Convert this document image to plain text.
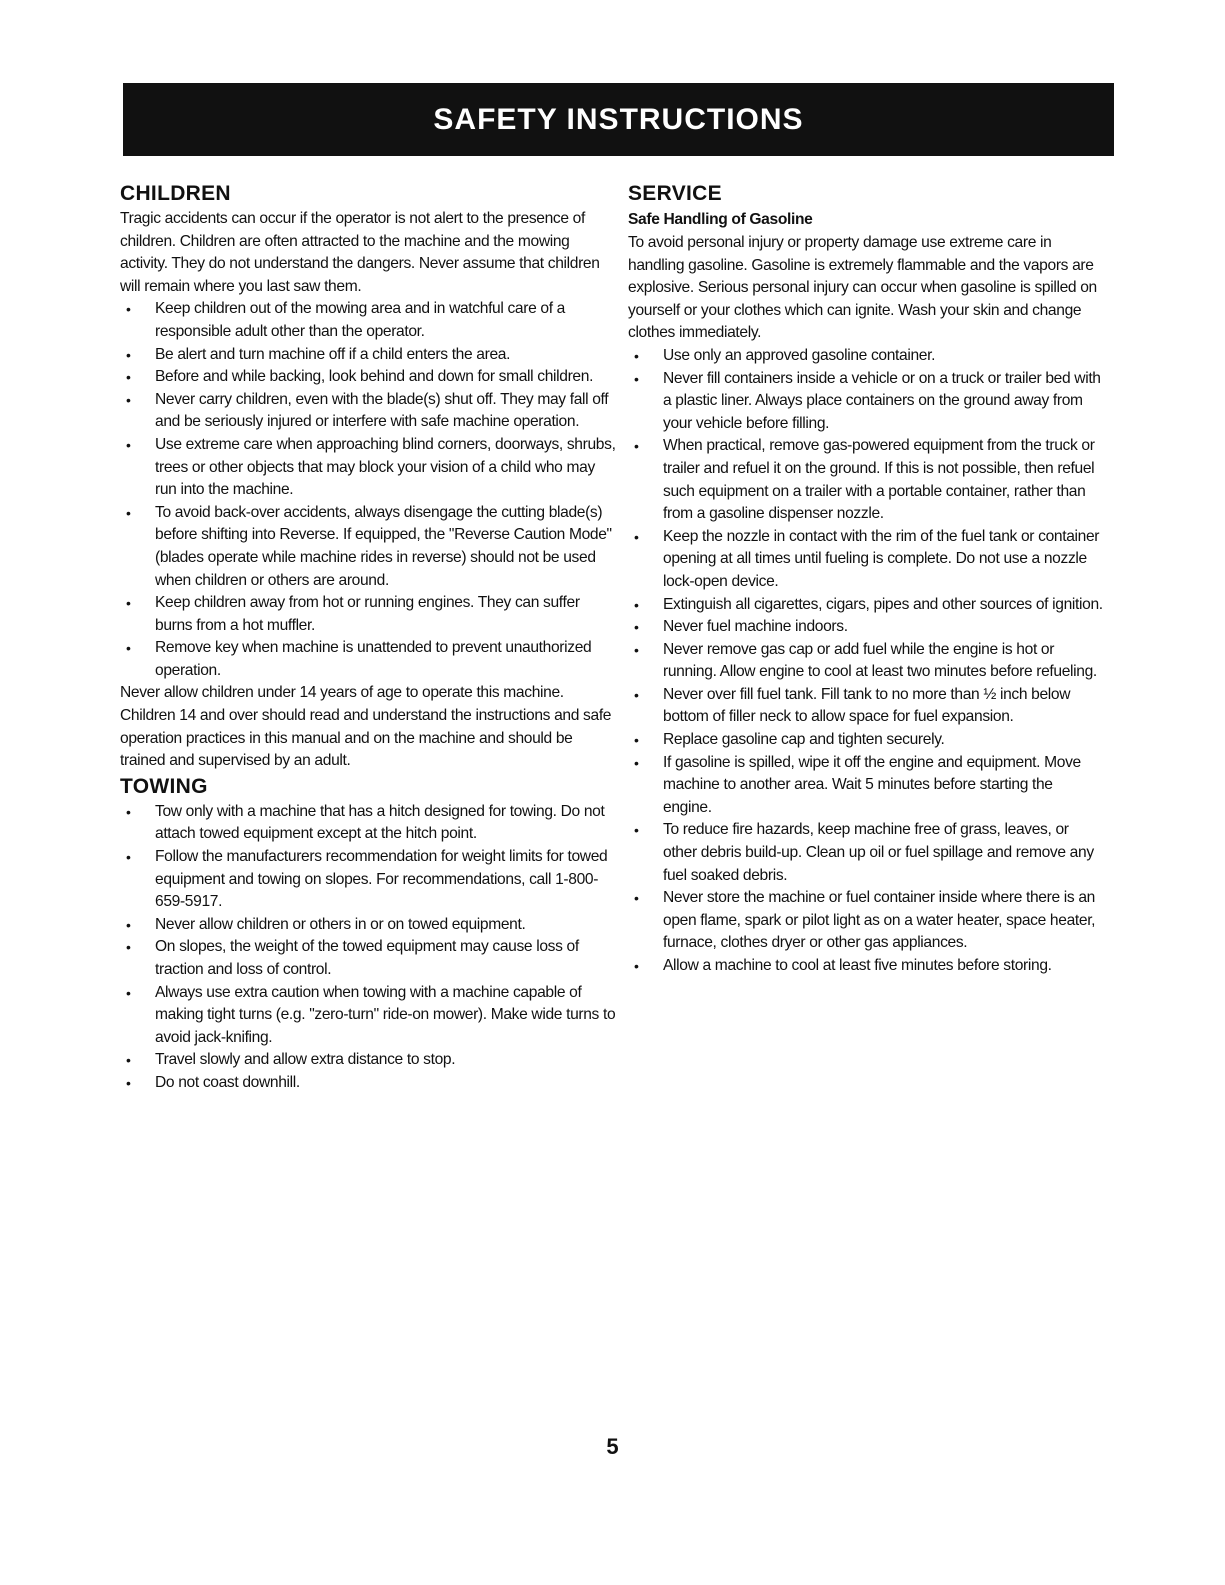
SAFETY INSTRUCTIONS
CHILDREN

Tragic accidents can occur if the operator is not alert to the presence of children. Children are often attracted to the machine and the mowing activity. They do not understand the dangers. Never assume that children will remain where you last saw them.

• Keep children out of the mowing area and in watchful care of a responsible adult other than the operator.
• Be alert and turn machine off if a child enters the area.
• Before and while backing, look behind and down for small children.
• Never carry children, even with the blade(s) shut off. They may fall off and be seriously injured or interfere with safe machine operation.
• Use extreme care when approaching blind corners, doorways, shrubs, trees or other objects that may block your vision of a child who may run into the machine.
• To avoid back-over accidents, always disengage the cutting blade(s) before shifting into Reverse. If equipped, the "Reverse Caution Mode" (blades operate while machine rides in reverse) should not be used when children or others are around.
• Keep children away from hot or running engines. They can suffer burns from a hot muffler.
• Remove key when machine is unattended to prevent unauthorized operation.

Never allow children under 14 years of age to operate this machine. Children 14 and over should read and understand the instructions and safe operation practices in this manual and on the machine and should be trained and supervised by an adult.

TOWING
• Tow only with a machine that has a hitch designed for towing. Do not attach towed equipment except at the hitch point.
• Follow the manufacturers recommendation for weight limits for towed equipment and towing on slopes. For recommendations, call 1-800-659-5917.
• Never allow children or others in or on towed equipment.
• On slopes, the weight of the towed equipment may cause loss of traction and loss of control.
• Always use extra caution when towing with a machine capable of making tight turns (e.g. "zero-turn" ride-on mower). Make wide turns to avoid jack-knifing.
• Travel slowly and allow extra distance to stop.
• Do not coast downhill.
SERVICE
Safe Handling of Gasoline

To avoid personal injury or property damage use extreme care in handling gasoline. Gasoline is extremely flammable and the vapors are explosive. Serious personal injury can occur when gasoline is spilled on yourself or your clothes which can ignite. Wash your skin and change clothes immediately.

• Use only an approved gasoline container.
• Never fill containers inside a vehicle or on a truck or trailer bed with a plastic liner. Always place containers on the ground away from your vehicle before filling.
• When practical, remove gas-powered equipment from the truck or trailer and refuel it on the ground. If this is not possible, then refuel such equipment on a trailer with a portable container, rather than from a gasoline dispenser nozzle.
• Keep the nozzle in contact with the rim of the fuel tank or container opening at all times until fueling is complete. Do not use a nozzle lock-open device.
• Extinguish all cigarettes, cigars, pipes and other sources of ignition.
• Never fuel machine indoors.
• Never remove gas cap or add fuel while the engine is hot or running. Allow engine to cool at least two minutes before refueling.
• Never over fill fuel tank. Fill tank to no more than ½ inch below bottom of filler neck to allow space for fuel expansion.
• Replace gasoline cap and tighten securely.
• If gasoline is spilled, wipe it off the engine and equipment. Move machine to another area. Wait 5 minutes before starting the engine.
• To reduce fire hazards, keep machine free of grass, leaves, or other debris build-up. Clean up oil or fuel spillage and remove any fuel soaked debris.
• Never store the machine or fuel container inside where there is an open flame, spark or pilot light as on a water heater, space heater, furnace, clothes dryer or other gas appliances.
• Allow a machine to cool at least five minutes before storing.
5
